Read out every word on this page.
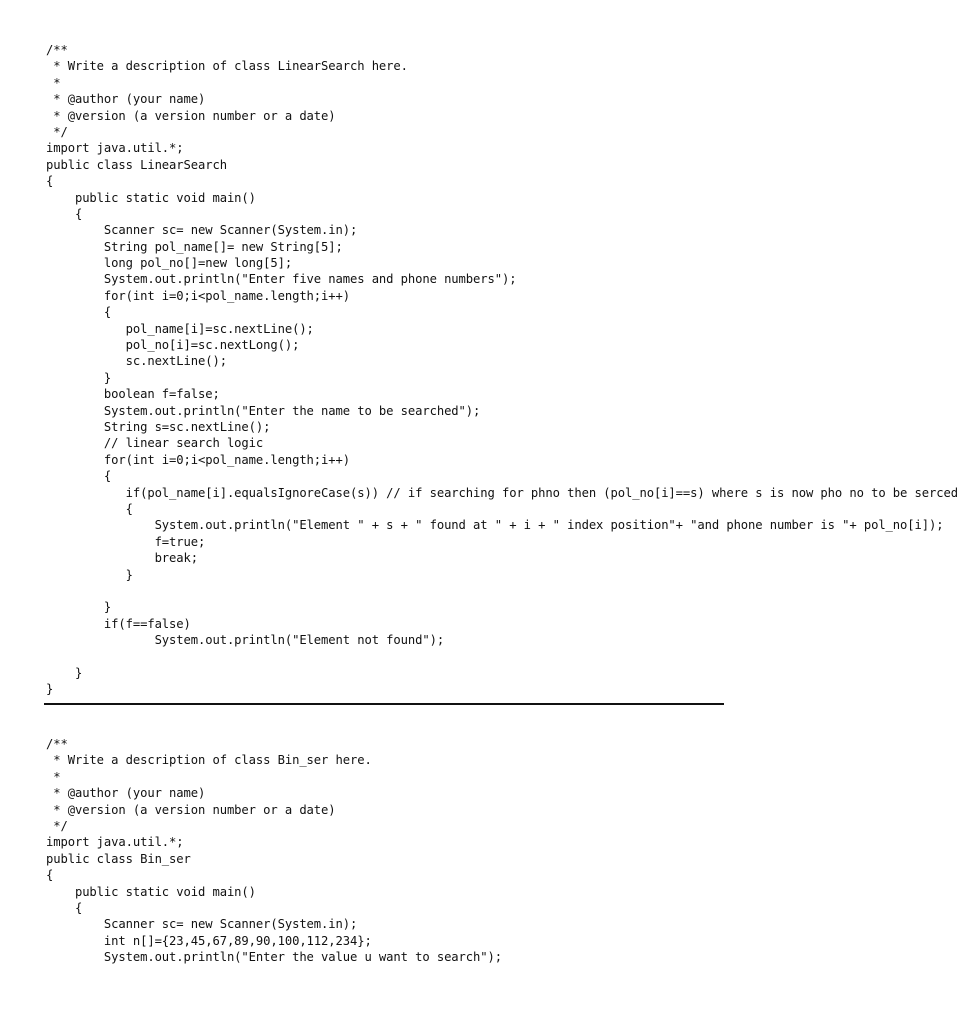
/**
* Write a description of class LinearSearch here.
*
* @author (your name)
* @version (a version number or a date)
*/
import java.util.*;
public class LinearSearch
{
public static void main()
{
Scanner sc= new Scanner(System.in);
String pol_name[]= new String[5];
long pol_no[]=new long[5];
System.out.println("Enter five names and phone numbers");
for(int i=0;i<pol_name.length;i++)
{
pol_name[i]=sc.nextLine();
pol_no[i]=sc.nextLong();
sc.nextLine();
}
boolean f=false;
System.out.println("Enter the name to be searched");
String s=sc.nextLine();
// linear search logic
for(int i=0;i<pol_name.length;i++)
{
if(pol_name[i].equalsIgnoreCase(s)) // if searching for phno then (pol_no[i]==s) where s is now pho no to be serced
{
System.out.println("Element " + s + " found at " + i + " index position"+ "and phone number is "+ pol_no[i]);
f=true;
break;
}

}
if(f==false)
System.out.println("Element not found");

}
}
/**
* Write a description of class Bin_ser here.
*
* @author (your name)
* @version (a version number or a date)
*/
import java.util.*;
public class Bin_ser
{
public static void main()
{
Scanner sc= new Scanner(System.in);
int n[]={23,45,67,89,90,100,112,234};
System.out.println("Enter the value u want to search");
